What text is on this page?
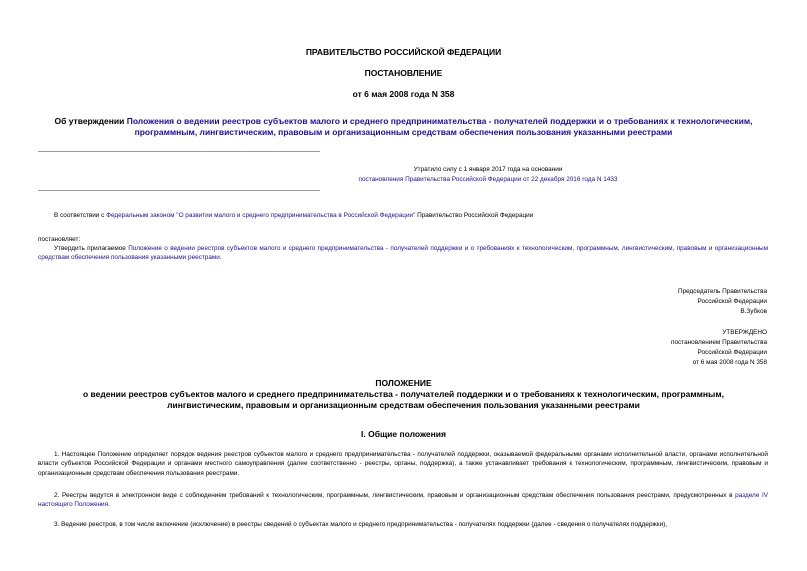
ПРАВИТЕЛЬСТВО РОССИЙСКОЙ ФЕДЕРАЦИИ
ПОСТАНОВЛЕНИЕ
от 6 мая 2008 года N 358
Об утверждении Положения о ведении реестров субъектов малого и среднего предпринимательства - получателей поддержки и о требованиях к технологическим, программным, лингвистическим, правовым и организационным средствам обеспечения пользования указанными реестрами
Утратило силу с 1 января 2017 года на основании
постановления Правительства Российской Федерации от 22 декабря 2016 года N 1433
В соответствии с Федеральным законом "О развитии малого и среднего предпринимательства в Российской Федерации" Правительство Российской Федерации
постановляет:
Утвердить прилагаемое Положение о ведении реестров субъектов малого и среднего предпринимательства - получателей поддержки и о требованиях к технологическим, программным, лингвистическим, правовым и организационным средствам обеспечения пользования указанными реестрами.
Председатель Правительства
Российской Федерации
В.Зубков
УТВЕРЖДЕНО
постановлением Правительства
Российской Федерации
от 6 мая 2008 года N 358
ПОЛОЖЕНИЕ
о ведении реестров субъектов малого и среднего предпринимательства - получателей поддержки и о требованиях к технологическим, программным,
лингвистическим, правовым и организационным средствам обеспечения пользования указанными реестрами
I. Общие положения
1. Настоящее Положение определяет порядок ведения реестров субъектов малого и среднего предпринимательства - получателей поддержки, оказываемой федеральными органами исполнительной власти, органами исполнительной власти субъектов Российской Федерации и органами местного самоуправления (далее соответственно - реестры, органы, поддержка), а также устанавливает требования к технологическим, программным, лингвистическим, правовым и организационным средствам обеспечения пользования реестрами.
2. Реестры ведутся в электронном виде с соблюдением требований к технологическим, программным, лингвистическим, правовым и организационным средствам обеспечения пользования реестрами, предусмотренных в разделе IV настоящего Положения.
3. Ведение реестров, в том числе включение (исключение) в реестры сведений о субъектах малого и среднего предпринимательства - получателях поддержки (далее - сведения о получателях поддержки),
